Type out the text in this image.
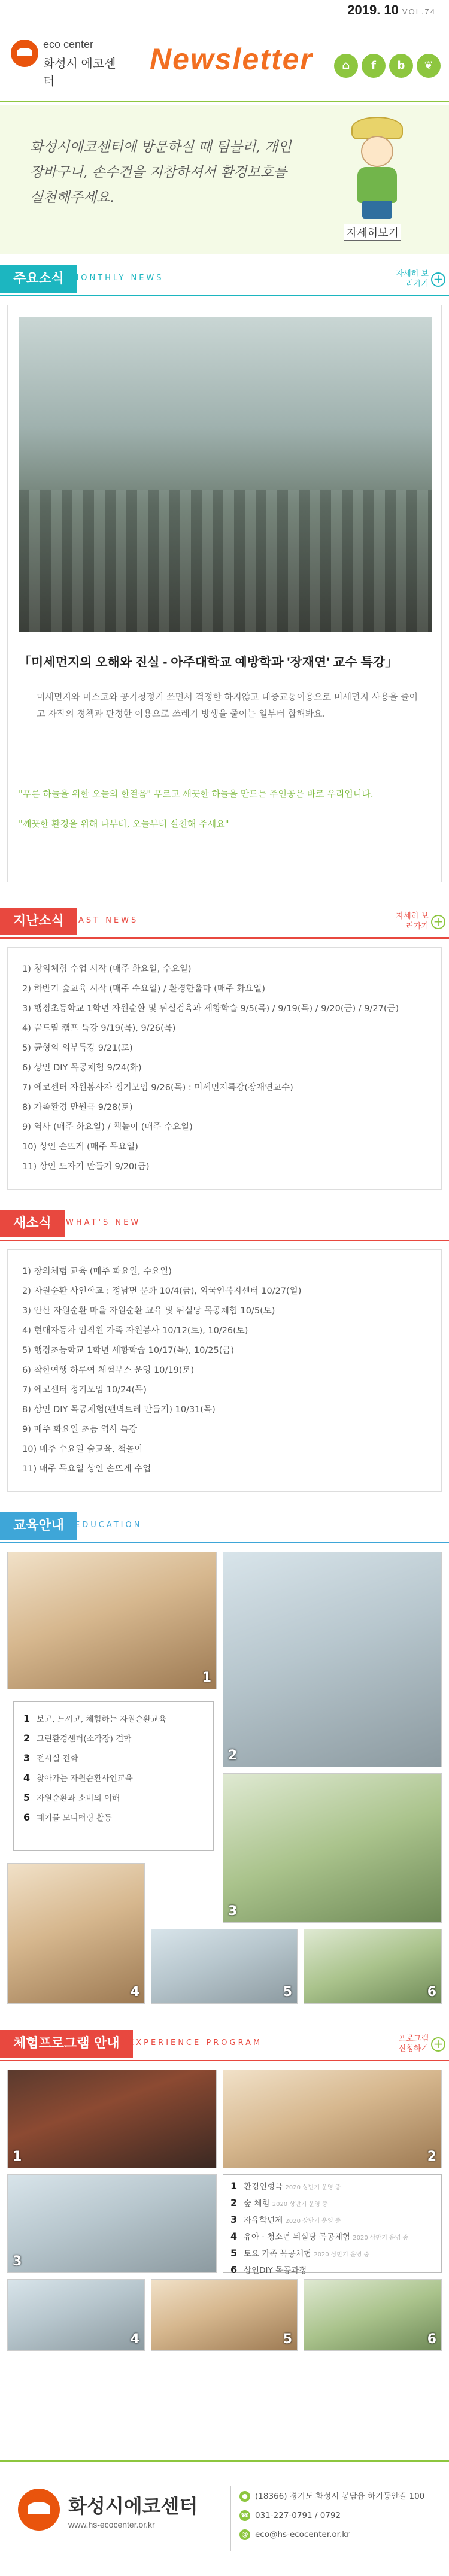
2019. 10 VOL.74
eco center
화성시 에코센터
Newsletter	⌂	f	b	❦
화성시에코센터에 방문하실 때 텀블러, 개인 장바구니, 손수건을 지참하셔서 환경보호를 실천해주세요.
자세히보기
주요소식 MONTHLY NEWS	자세히 보러가기 +
「미세먼지의 오해와 진실 - 아주대학교 예방학과 '장재연' 교수 특강」
미세먼지와 미스코와 공기청정기 쓰면서 걱정한 하지않고 대중교통이용으로 미세먼지 사용을 줄이고 자작의 정책과 판정한 이용으로 쓰레기 방생을 줄이는 일부터 합해봐요.
"푸른 하늘을 위한 오늘의 한걸음" 푸르고 깨끗한 하늘을 만드는 주인공은 바로 우리입니다.
"깨끗한 환경을 위해 나부터, 오늘부터 실천해 주세요"
지난소식 PAST NEWS	자세히 보러가기 +
1) 창의체험 수업 시작 (매주 화요일, 수요일)
2) 하반기 숲교육 시작 (매주 수요일) / 환경한울마 (매주 화요일)
3) 행정초등학교 1학년 자원순환 및 뒤실검육과 세향학습 9/5(목) / 9/19(목) / 9/20(금) / 9/27(금)
4) 꿈드림 캠프 특강 9/19(목), 9/26(목)
5) 균형의 외부특강 9/21(토)
6) 상인 DIY 목공체험 9/24(화)
7) 에코센터 자원봉사자 정기모임 9/26(목) : 미세먼지특강(장재연교수)
8) 가족환경 만원극 9/28(토)
9) 역사 (매주 화요일) / 책놀이 (매주 수요일)
10) 상인 손뜨게 (매주 목요일)
11) 상인 도자기 만들기 9/20(금)
새소식	WHAT'S NEW
1) 창의체험 교육 (매주 화요일, 수요일)
2) 자원순환 사인학교 : 정남면 문화 10/4(금), 외국인복지센터 10/27(일)
3) 안산 자원순환 마을 자원순환 교육 및 뒤실당 목공체험 10/5(토)
4) 현대자동차 임직원 가족 자원봉사 10/12(토), 10/26(토)
5) 행정초등학교 1학년 세향학습 10/17(목), 10/25(금)
6) 착한여행 하루여 체험부스 운영 10/19(토)
7) 에코센터 정기모임 10/24(목)
8) 상인 DIY 목공체험(팬벽트레 만들기) 10/31(목)
9) 매주 화요일 초등 역사 특강
10) 매주 수요일 숲교육, 책놀이
11) 매주 목요일 상인 손뜨게 수업
교육안내	EDUCATION
1
2
1 보고, 느끼고, 체험하는 자원순환교육
2 그린환경센터(소각장) 견학
3 전시실 견학
4 찾아가는 자원순환사인교육
5 자원순환과 소비의 이해
6 폐기물 모니터링 활동
3
4	5	6
체험프로그램 안내	EXPERIENCE PROGRAM	프로그램 신청하기 +
1	2
3
1 환경인형극 2020 상반기 운영 중
2 숲 체험 2020 상반기 운영 중
3 자유학년제 2020 상반기 운영 중
4 유아 · 청소년 뒤실당 목공체험 2020 상반기 운영 중
5 토요 가족 목공체험 2020 상반기 운영 중
6 상인DIY 목공과정
4	5	6
화성시에코센터
www.hs-ecocenter.or.kr
● (18366) 경기도 화성시 봉담읍 하기동안길 100
☎ 031-227-0791 / 0792
@ eco@hs-ecocenter.or.kr
